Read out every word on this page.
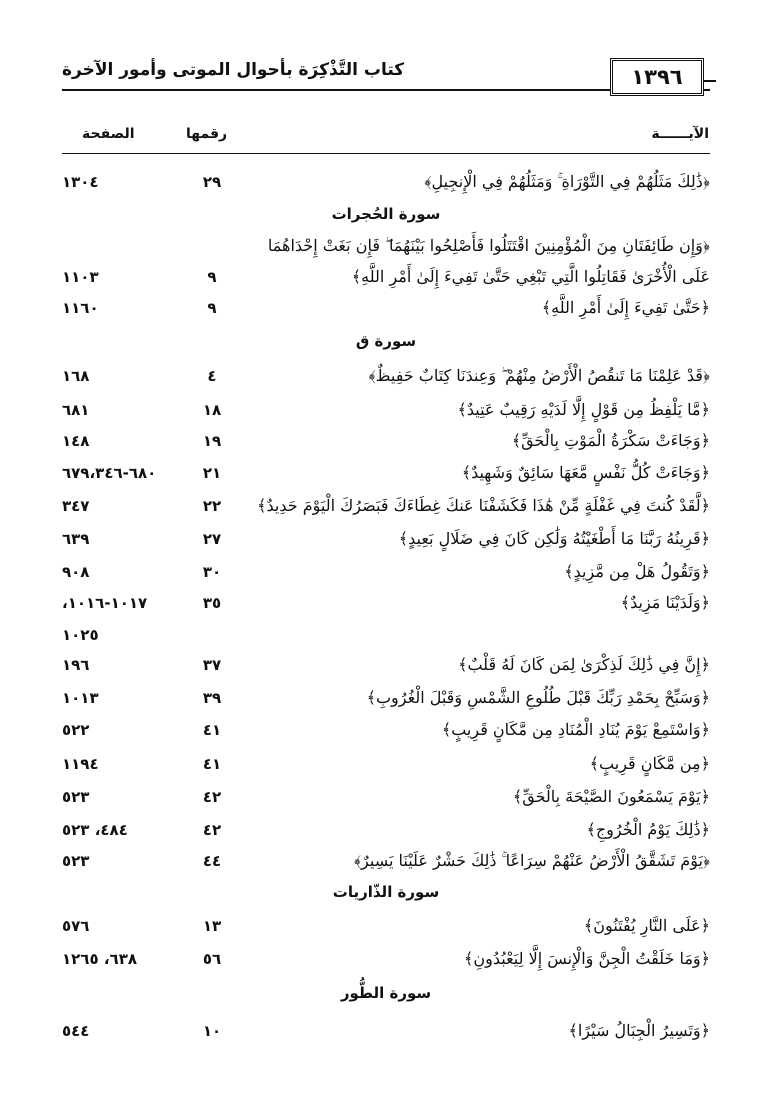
كتاب التَّذْكِرَة بأحوال الموتى وأمور الآخرة	١٣٩٦
الآيــــــة
رقمها
الصفحة
﴿ذَٰلِكَ مَثَلُهُمْ فِي التَّوْرَاةِ ۚ وَمَثَلُهُمْ فِي الْإِنجِيلِ﴾
٢٩
١٣٠٤
سورة الحُجرات
﴿وَإِن طَائِفَتَانِ مِنَ الْمُؤْمِنِينَ اقْتَتَلُوا فَأَصْلِحُوا بَيْنَهُمَا ۖ فَإِن بَغَتْ إِحْدَاهُمَا
عَلَى الْأُخْرَىٰ فَقَاتِلُوا الَّتِي تَبْغِي حَتَّىٰ تَفِيءَ إِلَىٰ أَمْرِ اللَّهِ﴾
٩
١١٠٣
﴿حَتَّىٰ تَفِيءَ إِلَىٰ أَمْرِ اللَّهِ﴾
٩
١١٦٠
سورة ق
﴿قَدْ عَلِمْنَا مَا تَنقُصُ الْأَرْضُ مِنْهُمْ ۖ وَعِندَنَا كِتَابٌ حَفِيظٌ﴾
٤
١٦٨
﴿مَّا يَلْفِظُ مِن قَوْلٍ إِلَّا لَدَيْهِ رَقِيبٌ عَتِيدٌ﴾
١٨
٦٨١
﴿وَجَاءَتْ سَكْرَةُ الْمَوْتِ بِالْحَقِّ﴾
١٩
١٤٨
﴿وَجَاءَتْ كُلُّ نَفْسٍ مَّعَهَا سَائِقٌ وَشَهِيدٌ﴾
٢١
٦٨٠-٦٧٩،٣٤٦
﴿لَّقَدْ كُنتَ فِي غَفْلَةٍ مِّنْ هَٰذَا فَكَشَفْنَا عَنكَ غِطَاءَكَ فَبَصَرُكَ الْيَوْمَ حَدِيدٌ﴾
٢٢
٣٤٧
﴿قَرِينُهُ رَبَّنَا مَا أَطْغَيْتُهُ وَلَٰكِن كَانَ فِي ضَلَالٍ بَعِيدٍ﴾
٢٧
٦٣٩
﴿وَتَقُولُ هَلْ مِن مَّزِيدٍ﴾
٣٠
٩٠٨
﴿وَلَدَيْنَا مَزِيدٌ﴾
٣٥
١٠١٧-١٠١٦،
١٠٢٥
﴿إِنَّ فِي ذَٰلِكَ لَذِكْرَىٰ لِمَن كَانَ لَهُ قَلْبٌ﴾
٣٧
١٩٦
﴿وَسَبِّحْ بِحَمْدِ رَبِّكَ قَبْلَ طُلُوعِ الشَّمْسِ وَقَبْلَ الْغُرُوبِ﴾
٣٩
١٠١٣
﴿وَاسْتَمِعْ يَوْمَ يُنَادِ الْمُنَادِ مِن مَّكَانٍ قَرِيبٍ﴾
٤١
٥٢٢
﴿مِن مَّكَانٍ قَرِيبٍ﴾
٤١
١١٩٤
﴿يَوْمَ يَسْمَعُونَ الصَّيْحَةَ بِالْحَقِّ﴾
٤٢
٥٢٣
﴿ذَٰلِكَ يَوْمُ الْخُرُوجِ﴾
٤٢
٤٨٤، ٥٢٣
﴿يَوْمَ تَشَقَّقُ الْأَرْضُ عَنْهُمْ سِرَاعًا ۚ ذَٰلِكَ حَشْرٌ عَلَيْنَا يَسِيرٌ﴾
٤٤
٥٢٣
سورة الذّاريات
﴿عَلَى النَّارِ يُفْتَنُونَ﴾
١٣
٥٧٦
﴿وَمَا خَلَقْتُ الْجِنَّ وَالْإِنسَ إِلَّا لِيَعْبُدُونِ﴾
٥٦
٦٣٨، ١٢٦٥
سورة الطُّور
﴿وَتَسِيرُ الْجِبَالُ سَيْرًا﴾
١٠
٥٤٤
